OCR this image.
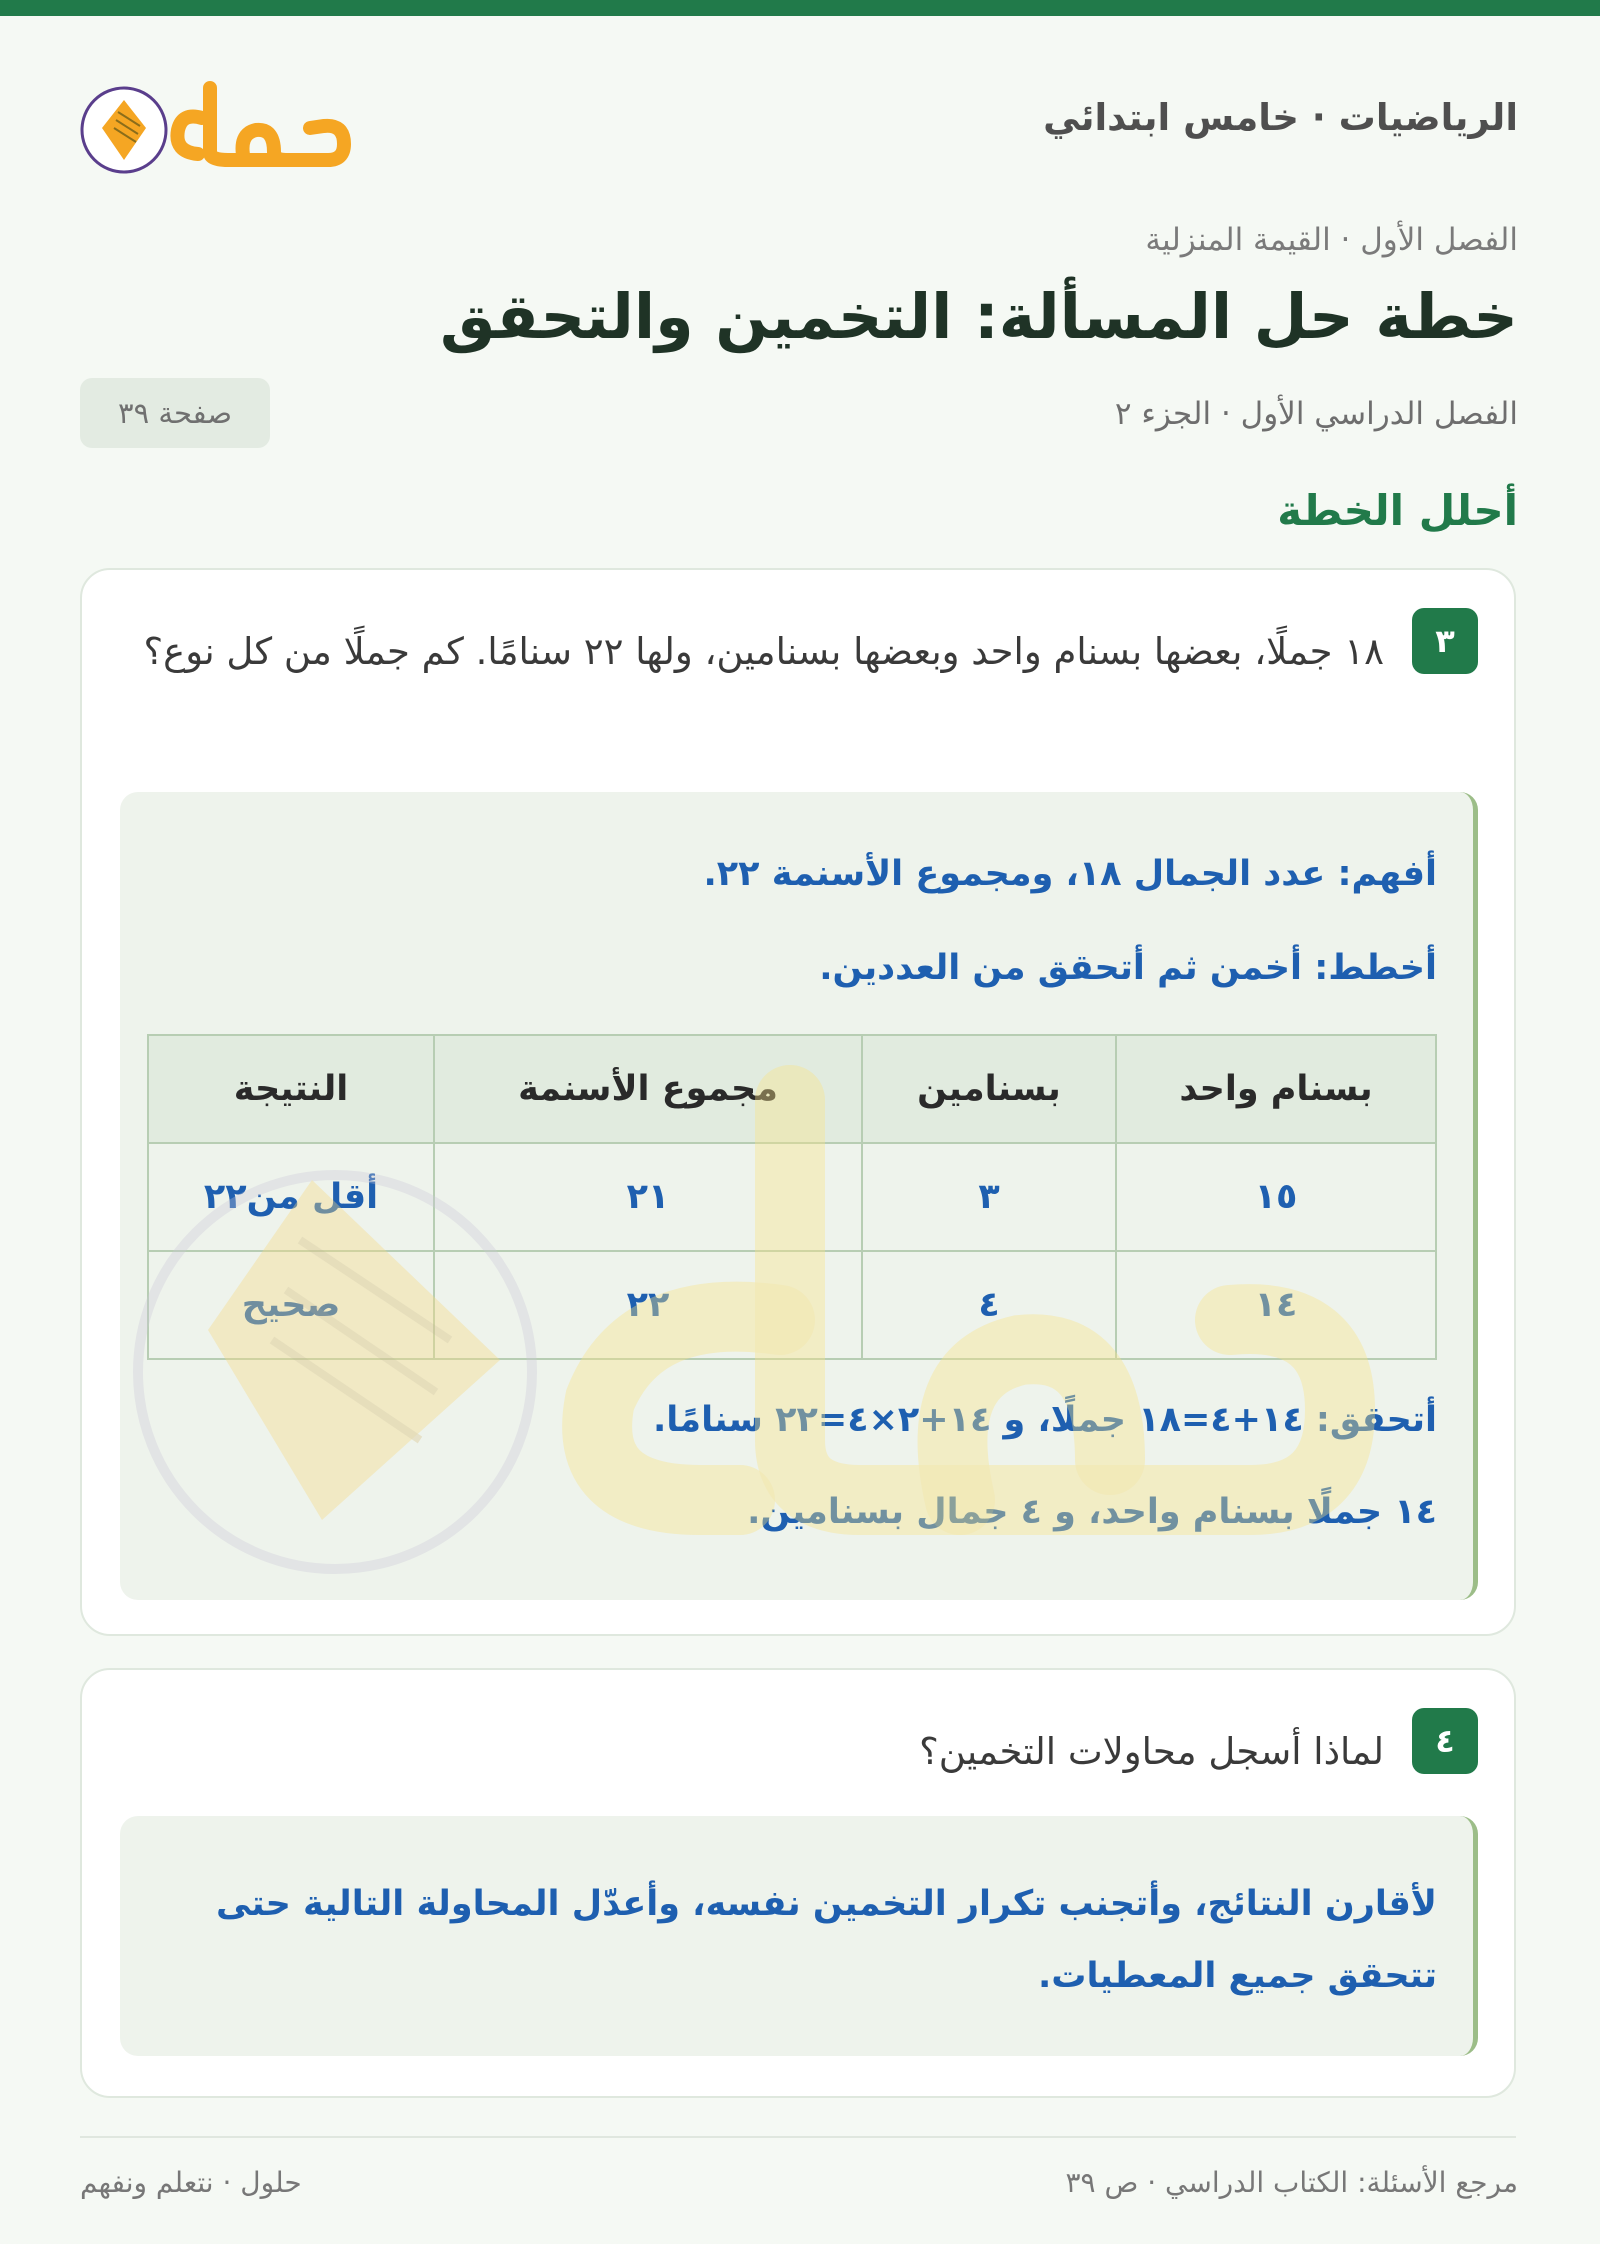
الرياضيات · خامس ابتدائي
الفصل الأول · القيمة المنزلية
خطة حل المسألة: التخمين والتحقق
الفصل الدراسي الأول · الجزء ٢
صفحة ٣٩
أحلل الخطة
٣
١٨ جملًا، بعضها بسنام واحد وبعضها بسنامين، ولها ٢٢ سنامًا. كم جملًا من كل نوع؟
أفهم: عدد الجمال ١٨، ومجموع الأسنمة ٢٢.
أخطط: أخمن ثم أتحقق من العددين.
بسنام واحد	بسنامين	مجموع الأسنمة	النتيجة
١٥	٣	٢١	أقل من٢٢
١٤	٤	٢٢	صحيح
أتحقق: ١٤+٤=١٨ جملًا، و ١٤+٢×٤=٢٢ سنامًا.
١٤ جملًا بسنام واحد، و ٤ جمال بسنامين.
٤
لماذا أسجل محاولات التخمين؟
لأقارن النتائج، وأتجنب تكرار التخمين نفسه، وأعدّل المحاولة التالية حتى تتحقق جميع المعطيات.
حلول · نتعلم ونفهم	مرجع الأسئلة: الكتاب الدراسي · ص ٣٩
